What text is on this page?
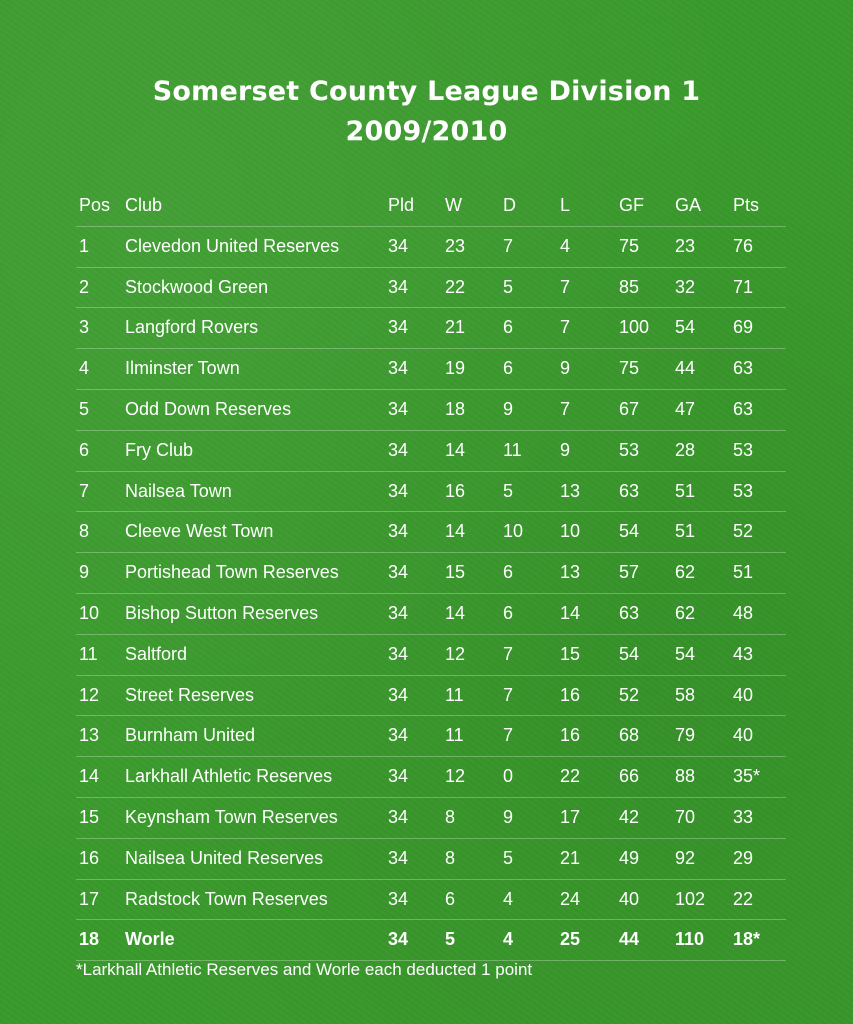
Somerset County League Division 1
2009/2010
Pos Club	Pld W D L	GF GA Pts
1 Clevedon United Reserves	34 23 7	4	75 23 76
2 Stockwood Green	34 22 5	7	85 32 71
3 Langford Rovers	34 21 6	7	100 54 69
4 Ilminster Town	34 19 6	9	75 44 63
5 Odd Down Reserves	34 18 9	7	67 47 63
6 Fry Club	34 14 11 9	53 28 53
7 Nailsea Town	34 16 5	13 63 51 53
8 Cleeve West Town	34 14 10 10 54 51 52
9 Portishead Town Reserves	34 15 6	13 57 62 51
10 Bishop Sutton Reserves	34 14 6	14 63 62 48
11 Saltford	34 12 7	15 54 54 43
12 Street Reserves	34 11 7	16 52 58 40
13 Burnham United	34 11 7	16 68 79 40
14 Larkhall Athletic Reserves	34 12 0	22 66 88 35*
15 Keynsham Town Reserves	34 8	9	17 42 70 33
16 Nailsea United Reserves	34 8	5	21 49 92 29
17 Radstock Town Reserves	34 6	4	24 40 102 22
18 Worle	34 5	4	25 44 110 18*
*Larkhall Athletic Reserves and Worle each deducted 1 point
